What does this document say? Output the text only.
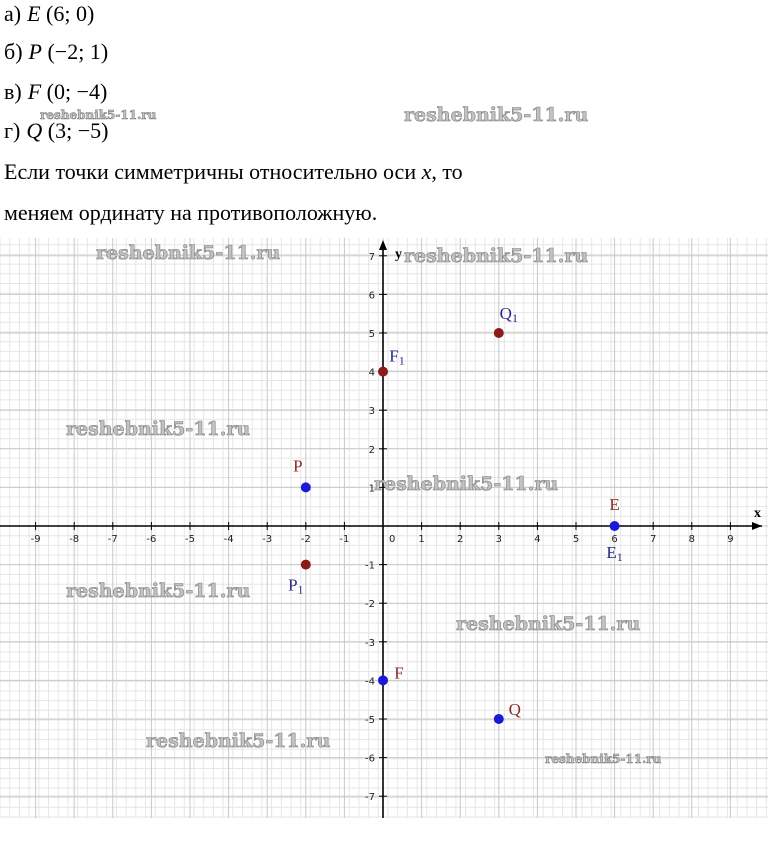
а) E (6; 0)
б) P (−2; 1)
в) F (0; −4)
г) Q (3; −5)
Если точки симметричны относительно оси x, то
меняем ординату на противоположную.
x
y
-9	-8	-7	-6	-5	-4	-3	-2	-1	1	2	3	4	5	6	7	8	9
7
6
5
4
3
2
1
-1
-2
-3
-4
-5
-6
-7
0
E
E1
P
P1
F
F1
Q
Q1
reshebnik5-11.ru	reshebnik5-11.ru
reshebnik5-11.ru	reshebnik5-11.ru
reshebnik5-11.ru
reshebnik5-11.ru
reshebnik5-11.ru
reshebnik5-11.ru
reshebnik5-11.ru
reshebnik5-11.ru
